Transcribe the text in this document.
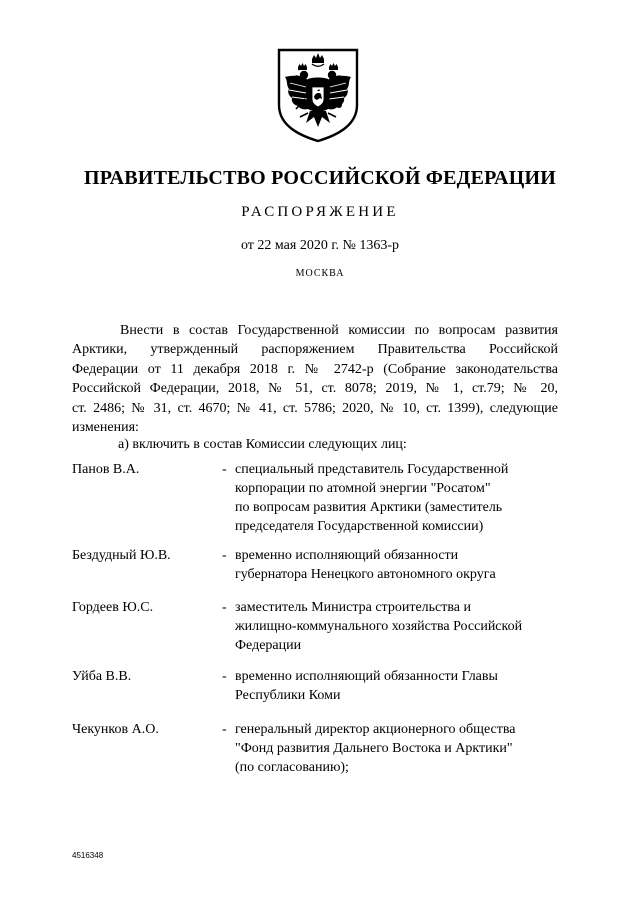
ПРАВИТЕЛЬСТВО РОССИЙСКОЙ ФЕДЕРАЦИИ
РАСПОРЯЖЕНИЕ
от 22 мая 2020 г. № 1363-р
МОСКВА
Внести в состав Государственной комиссии по вопросам развития
Арктики, утвержденный распоряжением Правительства Российской
Федерации от 11 декабря 2018 г. № 2742-р (Собрание законодательства
Российской Федерации, 2018, № 51, ст. 8078; 2019, № 1, ст.79; № 20,
ст. 2486; № 31, ст. 4670; № 41, ст. 5786; 2020, № 10, ст. 1399), следующие
изменения:
а) включить в состав Комиссии следующих лиц:
Панов В.А.	- специальный представитель Государственной
корпорации по атомной энергии "Росатом"
по вопросам развития Арктики (заместитель
председателя Государственной комиссии)
Бездудный Ю.В.	- временно исполняющий обязанности
губернатора Ненецкого автономного округа
Гордеев Ю.С.	- заместитель Министра строительства и
жилищно-коммунального хозяйства Российской
Федерации
Уйба В.В.	- временно исполняющий обязанности Главы
Республики Коми
Чекунков А.О.	- генеральный директор акционерного общества
"Фонд развития Дальнего Востока и Арктики"
(по согласованию);
4516348
